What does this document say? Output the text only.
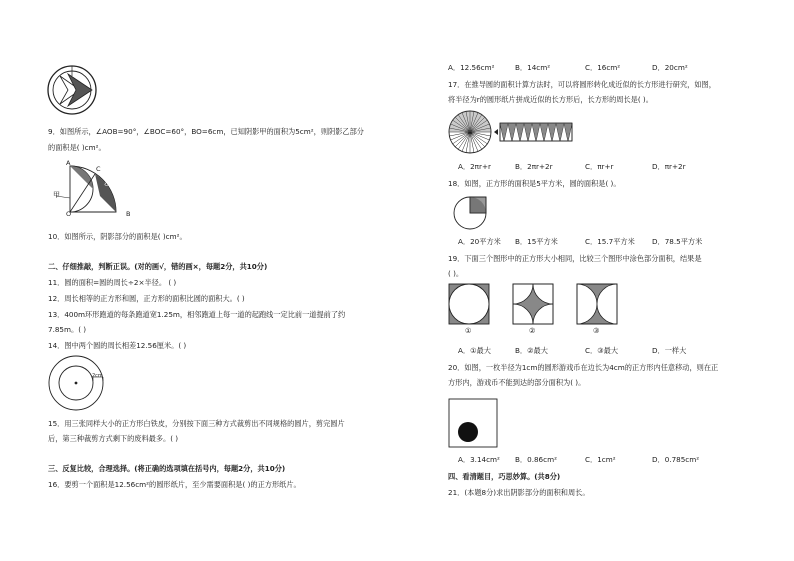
9．如图所示，∠AOB=90°，∠BOC=60°，BO=6cm，已知阴影甲的面积为5cm²，则阴影乙部分
的面积是( )cm²。
A
C
甲
乙
O	B
10．如图所示，阴影部分的面积是( )cm²。
二、仔细推敲，判断正误。(对的画√，错的画×，每题2分，共10分)
11．圆的面积=圆的周长÷2×半径。 ( )
12．周长相等的正方形和圆，正方形的面积比圆的面积大。( )
13．400m环形跑道的每条跑道宽1.25m，相邻跑道上每一道的起跑线一定比前一道提前了约
7.85m。( )
14．图中两个圆的周长相差12.56厘米。( )
2cm
15．用三张同样大小的正方形白铁皮，分别按下面三种方式裁剪出不同规格的圆片，剪完圆片
后，第三种裁剪方式剩下的废料最多。( )
三、反复比较，合理选择。(将正确的选项填在括号内，每题2分，共10分)
16．要剪一个面积是12.56cm²的圆形纸片，至少需要面积是( )的正方形纸片。
A．12.56cm²	B．14cm²	C．16cm²	D．20cm²
17．在推导圆的面积计算方法时，可以将圆形转化成近似的长方形进行研究，如图，
将半径为r的圆形纸片拼成近似的长方形后，长方形的周长是( )。
A．2πr+r	B．2πr+2r	C．πr+r	D．πr+2r
18．如图，正方形的面积是5平方米，圆的面积是( )。
A．20平方米 B．15平方米	C．15.7平方米 D．78.5平方米
19．下面三个图形中的正方形大小相同，比较三个图形中涂色部分面积，结果是
( )。
①	②	③
A．①最大	B．②最大	C．③最大	D．一样大
20．如图，一枚半径为1cm的圆形游戏币在边长为4cm的正方形内任意移动，则在正
方形内，游戏币不能到达的部分面积为( )。
A．3.14cm² B．0.86cm²	C．1cm²	D．0.785cm²
四、看清题目，巧思妙算。(共8分)
21．(本题8分)求出阴影部分的面积和周长。
